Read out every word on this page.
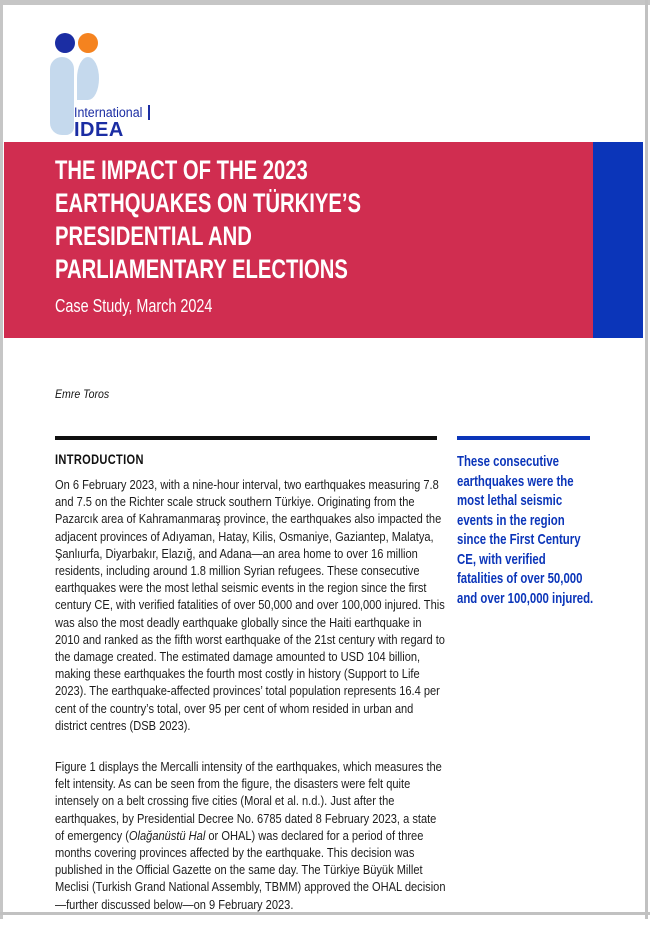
International
IDEA
THE IMPACT OF THE 2023 EARTHQUAKES ON TÜRKIYE’S PRESIDENTIAL AND PARLIAMENTARY ELECTIONS
Case Study, March 2024
Emre Toros
INTRODUCTION

On 6 February 2023, with a nine-hour interval, two earthquakes measuring 7.8 and 7.5 on the Richter scale struck southern Türkiye. Originating from the Pazarcık area of Kahramanmaraş province, the earthquakes also impacted the adjacent provinces of Adıyaman, Hatay, Kilis, Osmaniye, Gaziantep, Malatya, Şanlıurfa, Diyarbakır, Elazığ, and Adana—an area home to over 16 million residents, including around 1.8 million Syrian refugees. These consecutive earthquakes were the most lethal seismic events in the region since the first century CE, with verified fatalities of over 50,000 and over 100,000 injured. This was also the most deadly earthquake globally since the Haiti earthquake in 2010 and ranked as the fifth worst earthquake of the 21st century with regard to the damage created. The estimated damage amounted to USD 104 billion, making these earthquakes the fourth most costly in history (Support to Life 2023). The earthquake-affected provinces’ total population represents 16.4 per cent of the country’s total, over 95 per cent of whom resided in urban and district centres (DSB 2023).

Figure 1 displays the Mercalli intensity of the earthquakes, which measures the felt intensity. As can be seen from the figure, the disasters were felt quite intensely on a belt crossing five cities (Moral et al. n.d.). Just after the earthquakes, by Presidential Decree No. 6785 dated 8 February 2023, a state of emergency (Olağanüstü Hal or OHAL) was declared for a period of three months covering provinces affected by the earthquake. This decision was published in the Official Gazette on the same day. The Türkiye Büyük Millet Meclisi (Turkish Grand National Assembly, TBMM) approved the OHAL decision—further discussed below—on 9 February 2023.

These consecutive earthquakes were the most lethal seismic events in the region since the First Century CE, with verified fatalities of over 50,000 and over 100,000 injured.
